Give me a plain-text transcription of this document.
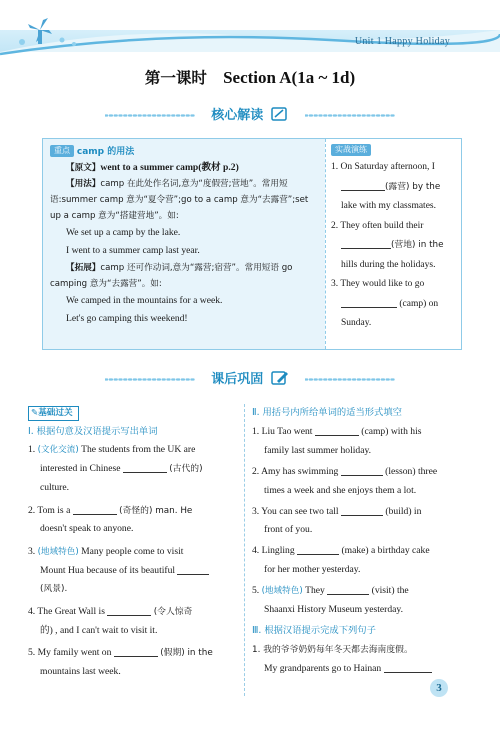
Unit 1 Happy Holiday
第一课时 Section A(1a ~ 1d)
核心解读
重点 camp 的用法
【原文】went to a summer camp(教材 p.2)
【用法】camp 在此处作名词,意为“度假营;营地”。常用短
语:summer camp 意为“夏令营”;go to a camp 意为“去露营”;set
up a camp 意为“搭建营地”。如:
We set up a camp by the lake.
I went to a summer camp last year.
【拓展】camp 还可作动词,意为“露营;宿营”。常用短语 go
camping 意为“去露营”。如:
We camped in the mountains for a week.
Let's go camping this weekend!
实战演练
1. On Saturday afternoon, I
(露营) by the
lake with my classmates.
2. They often build their
(营地) in the
hills during the holidays.
3. They would like to go
(camp) on
Sunday.
课后巩固
✎基础过关
Ⅰ. 根据句意及汉语提示写出单词
1. (文化交流) The students from the UK are
interested in Chinese	(古代的)
culture.
2. Tom is a	(奇怪的) man. He
doesn't speak to anyone.
3. (地域特色) Many people come to visit
Mount Hua because of its beautiful
(风景).
4. The Great Wall is	(令人惊奇
的) , and I can't wait to visit it.
5. My family went on	(假期) in the
mountains last week.
Ⅱ. 用括号内所给单词的适当形式填空
1. Liu Tao went	(camp) with his
family last summer holiday.
2. Amy has swimming	(lesson) three
times a week and she enjoys them a lot.
3. You can see two tall	(build) in
front of you.
4. Lingling	(make) a birthday cake
for her mother yesterday.
5. (地域特色) They	(visit) the
Shaanxi History Museum yesterday.
Ⅲ. 根据汉语提示完成下列句子
1. 我的爷爷奶奶每年冬天都去海南度假。
My grandparents go to Hainan
3
